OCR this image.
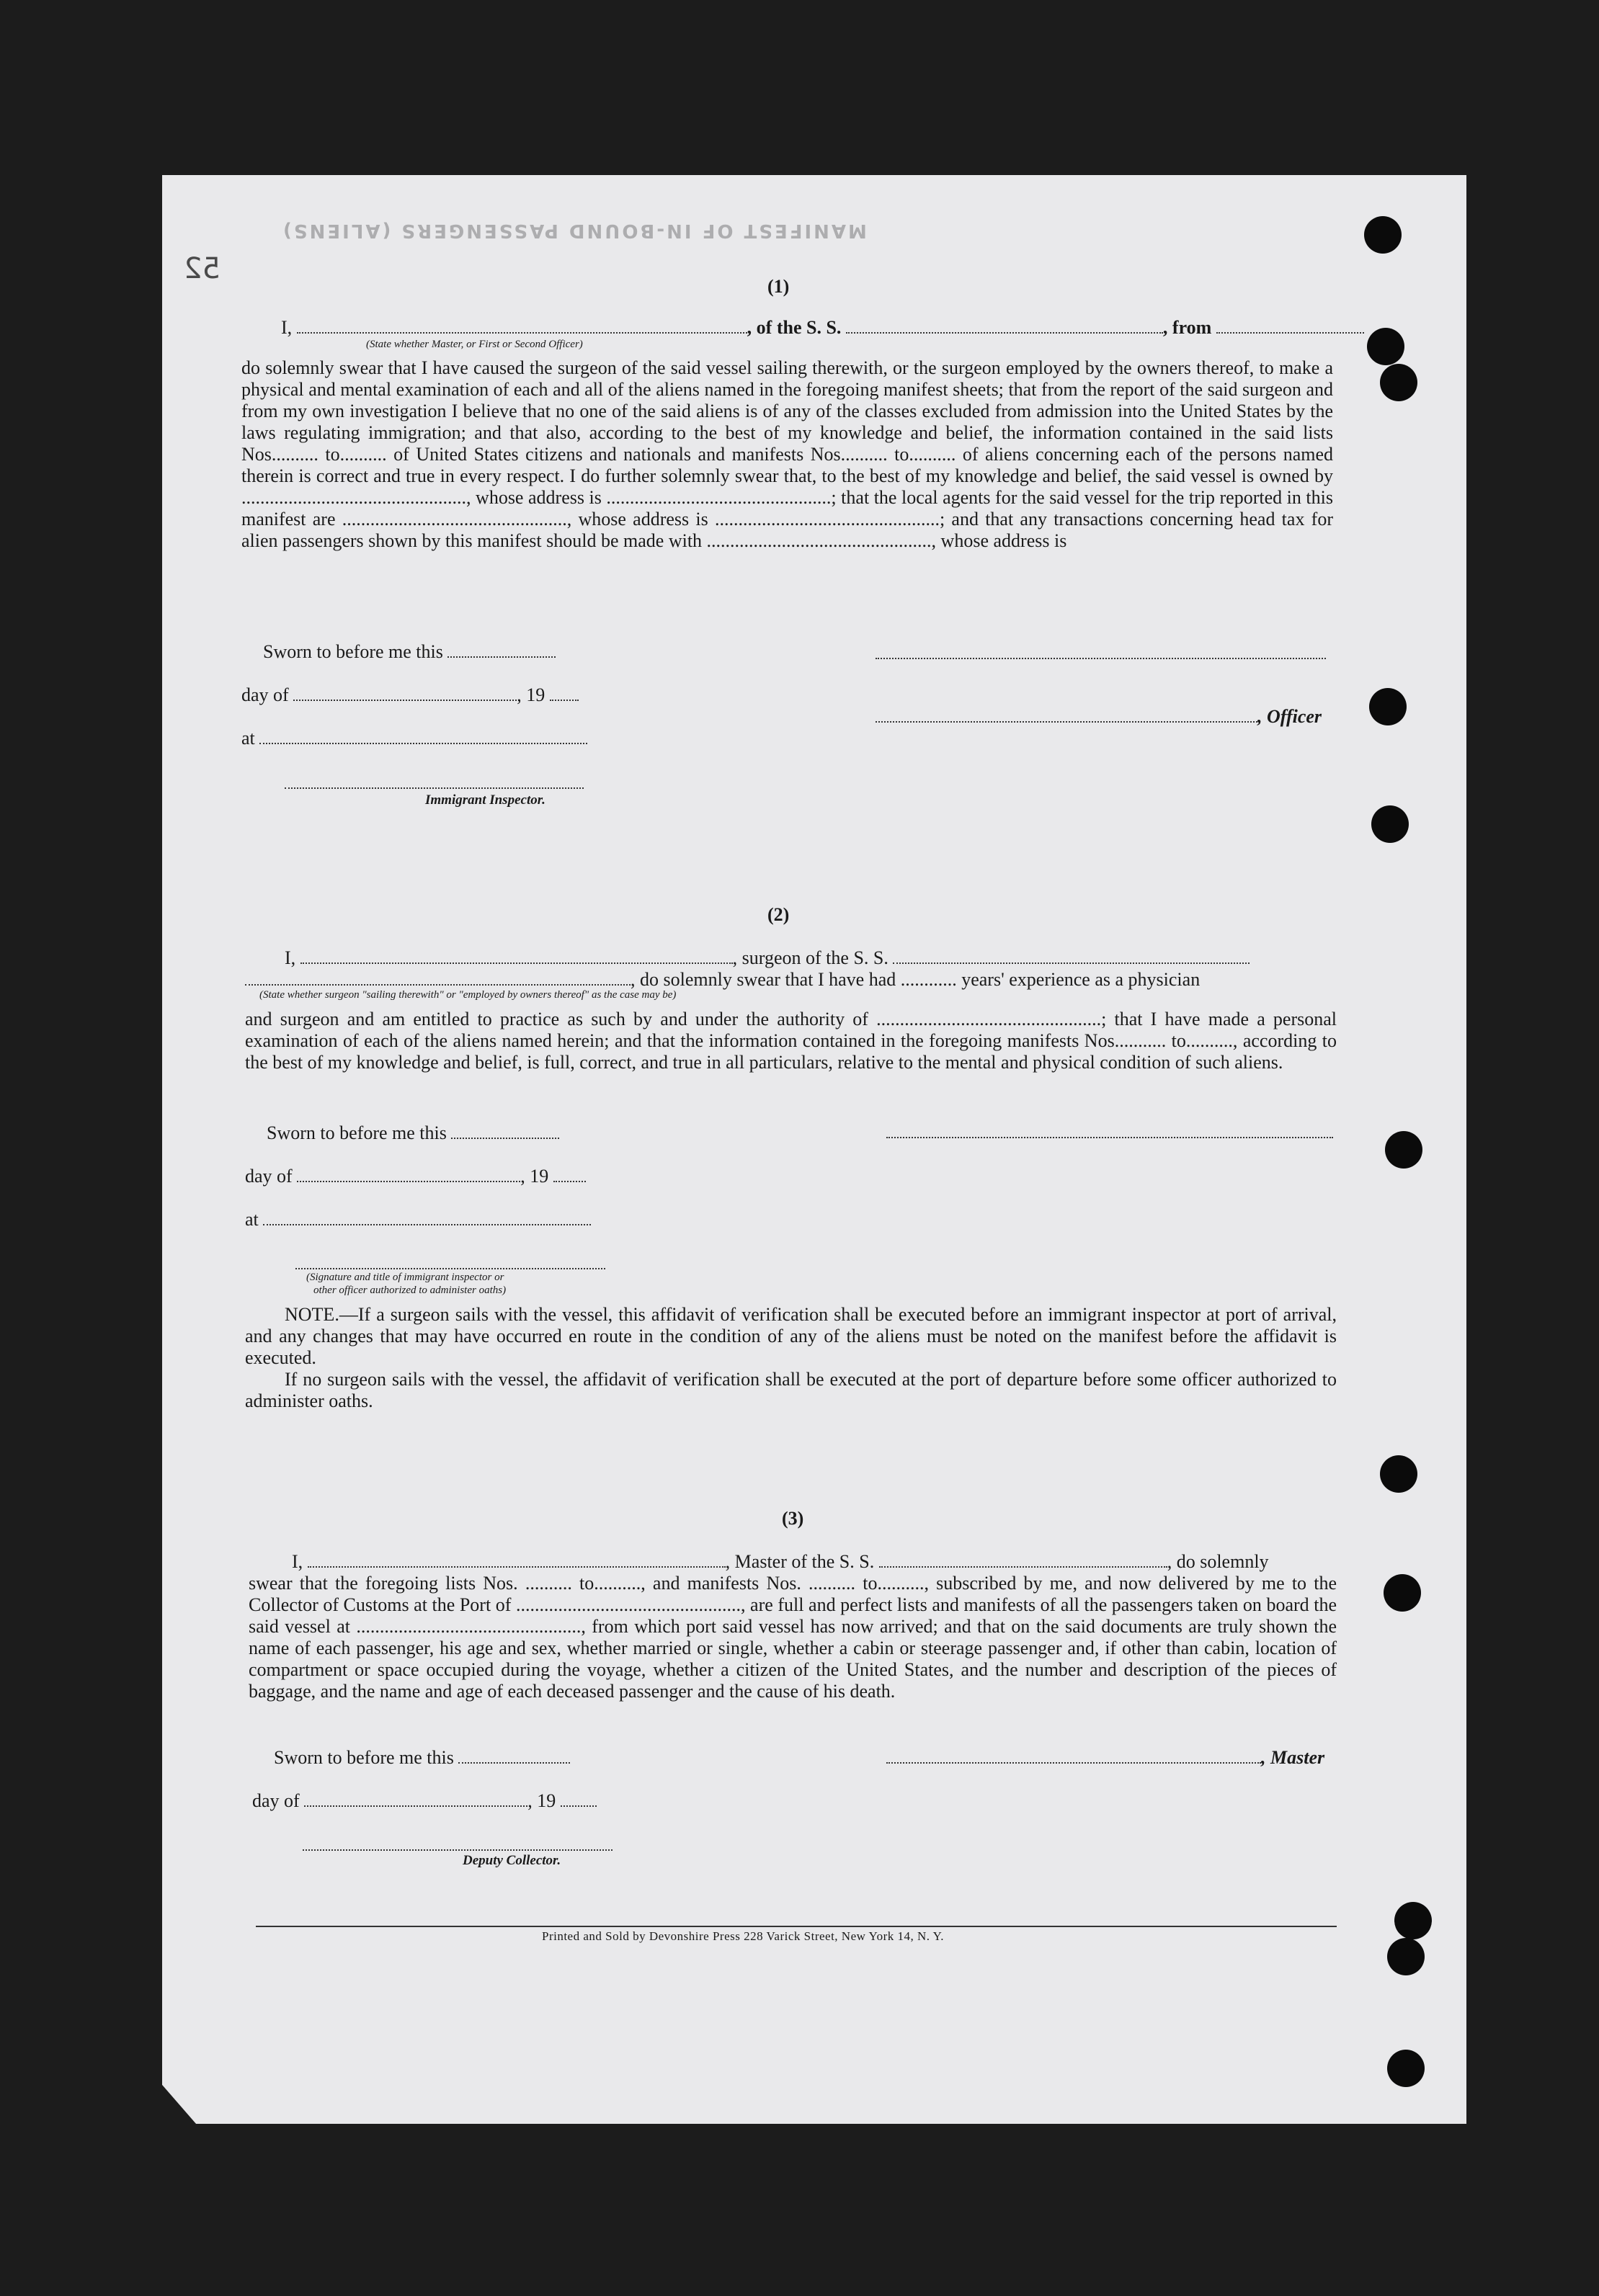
MANIFEST OF IN-BOUND PASSENGERS (ALIENS)
52
(1)
I,	, of the S. S.	, from
(State whether Master, or First or Second Officer)
do solemnly swear that I have caused the surgeon of the said vessel sailing therewith, or the surgeon employed by the owners thereof, to make a physical and mental examination of each and all of the aliens named in the foregoing manifest sheets; that from the report of the said surgeon and from my own investigation I believe that no one of the said aliens is of any of the classes excluded from admission into the United States by the laws regulating immigration; and that also, according to the best of my knowledge and belief, the information contained in the said lists Nos.......... to.......... of United States citizens and nationals and manifests Nos.......... to.......... of aliens concerning each of the persons named therein is correct and true in every respect. I do further solemnly swear that, to the best of my knowledge and belief, the said vessel is owned by ................................................, whose address is ................................................; that the local agents for the said vessel for the trip reported in this manifest are ................................................, whose address is ................................................; and that any transactions concerning head tax for alien passengers shown by this manifest should be made with ................................................, whose address is
Sworn to before me this
day of	, 19
, Officer
at
Immigrant Inspector.
(2)
I,	, surgeon of the S. S.
, do solemnly swear that I have had ............ years' experience as a physician
(State whether surgeon "sailing therewith" or "employed by owners thereof" as the case may be)
and surgeon and am entitled to practice as such by and under the authority of ................................................; that I have made a personal examination of each of the aliens named herein; and that the information contained in the foregoing manifests Nos........... to.........., according to the best of my knowledge and belief, is full, correct, and true in all particulars, relative to the mental and physical condition of such aliens.
Sworn to before me this
day of	, 19
at
(Signature and title of immigrant inspector or
other officer authorized to administer oaths)
NOTE.—If a surgeon sails with the vessel, this affidavit of verification shall be executed before an immigrant inspector at port of arrival, and any changes that may have occurred en route in the condition of any of the aliens must be noted on the manifest before the affidavit is executed.
If no surgeon sails with the vessel, the affidavit of verification shall be executed at the port of departure before some officer authorized to administer oaths.
(3)
I,	, Master of the S. S.	, do solemnly
swear that the foregoing lists Nos. .......... to.........., and manifests Nos. .......... to.........., subscribed by me, and now delivered by me to the Collector of Customs at the Port of ................................................, are full and perfect lists and manifests of all the passengers taken on board the said vessel at ................................................, from which port said vessel has now arrived; and that on the said documents are truly shown the name of each passenger, his age and sex, whether married or single, whether a cabin or steerage passenger and, if other than cabin, location of compartment or space occupied during the voyage, whether a citizen of the United States, and the number and description of the pieces of baggage, and the name and age of each deceased passenger and the cause of his death.
Sworn to before me this	, Master
day of	, 19
Deputy Collector.
Printed and Sold by Devonshire Press 228 Varick Street, New York 14, N. Y.
